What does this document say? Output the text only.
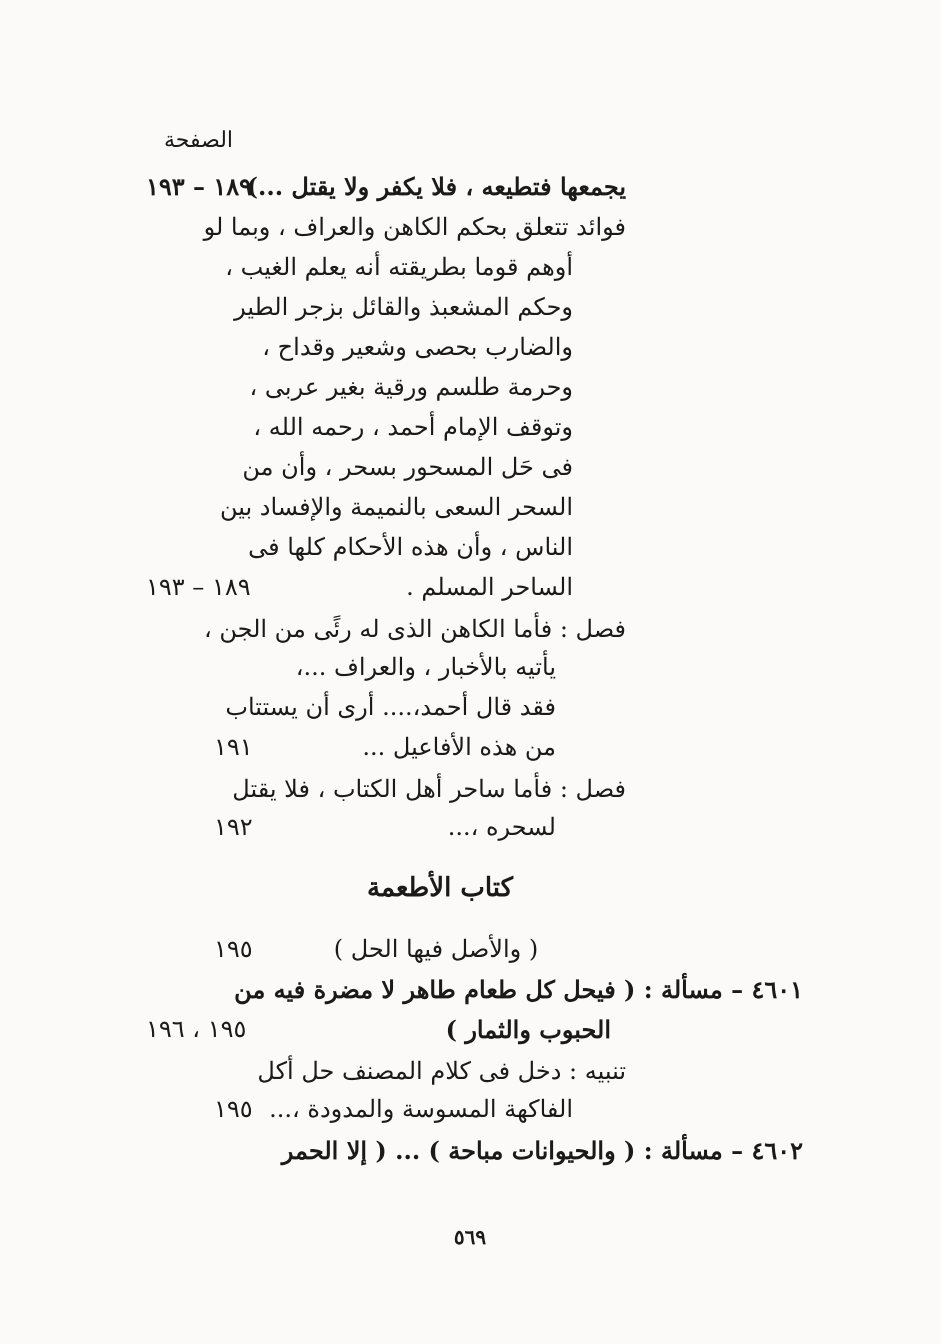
الصفحة
يجمعها فتطيعه ، فلا يكفر ولا يقتل ...)
١٨٩ – ١٩٣
فوائد تتعلق بحكم الكاهن والعراف ، وبما لو
أوهم قوما بطريقته أنه يعلم الغيب ،
وحكم المشعبذ والقائل بزجر الطير
والضارب بحصى وشعير وقداح ،
وحرمة طلسم ورقية بغير عربى ،
وتوقف الإمام أحمد ، رحمه الله ،
فى حَل المسحور بسحر ، وأن من
السحر السعى بالنميمة والإفساد بين
الناس ، وأن هذه الأحكام كلها فى
الساحر المسلم .
١٨٩ – ١٩٣
فصل : فأما الكاهن الذى له رئًى من الجن ،
يأتيه بالأخبار ، والعراف ...،
فقد قال أحمد،.... أرى أن يستتاب
من هذه الأفاعيل ...
١٩١
فصل : فأما ساحر أهل الكتاب ، فلا يقتل
لسحره ،...
١٩٢
كتاب الأطعمة
( والأصل فيها الحل )
١٩٥
٤٦٠١ – مسألة : ( فيحل كل طعام طاهر لا مضرة فيه من
الحبوب والثمار )
١٩٥ ، ١٩٦
تنبيه : دخل فى كلام المصنف حل أكل
الفاكهة المسوسة والمدودة ،...
١٩٥
٤٦٠٢ – مسألة : ( والحيوانات مباحة ) ... ( إلا الحمر
٥٦٩
